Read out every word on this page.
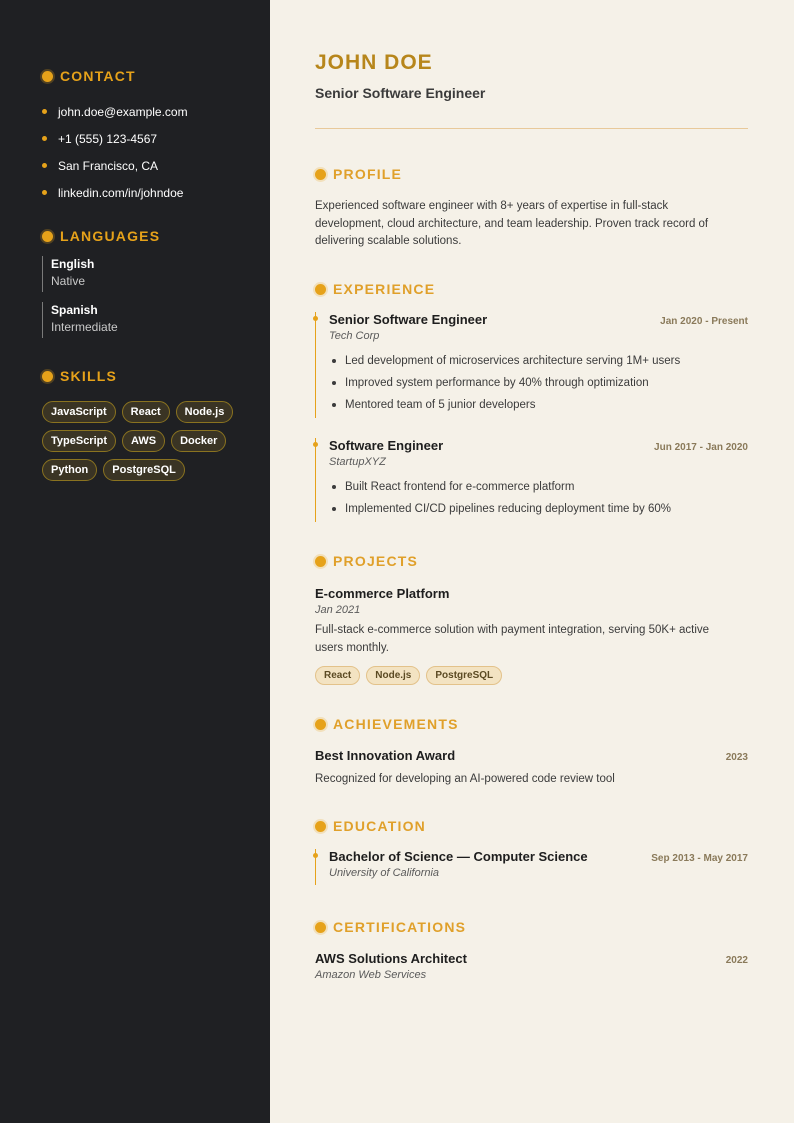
CONTACT
john.doe@example.com
+1 (555) 123-4567
San Francisco, CA
linkedin.com/in/johndoe
LANGUAGES
English
Native
Spanish
Intermediate
SKILLS
JavaScript	React	Node.js
TypeScript	AWS	Docker
Python	PostgreSQL
JOHN DOE
Senior Software Engineer
PROFILE

Experienced software engineer with 8+ years of expertise in full-stack development, cloud architecture, and team leadership. Proven track record of delivering scalable solutions.

EXPERIENCE
Senior Software Engineer	Jan 2020 - Present
Tech Corp
Led development of microservices architecture serving 1M+ users
Improved system performance by 40% through optimization
Mentored team of 5 junior developers
Software Engineer	Jun 2017 - Jan 2020
StartupXYZ
Built React frontend for e-commerce platform
Implemented CI/CD pipelines reducing deployment time by 60%
PROJECTS
E-commerce Platform
Jan 2021

Full-stack e-commerce solution with payment integration, serving 50K+ active users monthly.

React	Node.js	PostgreSQL
ACHIEVEMENTS
Best Innovation Award	2023

Recognized for developing an AI-powered code review tool

EDUCATION
Bachelor of Science — Computer Science	Sep 2013 - May 2017
University of California
CERTIFICATIONS
AWS Solutions Architect	2022
Amazon Web Services
